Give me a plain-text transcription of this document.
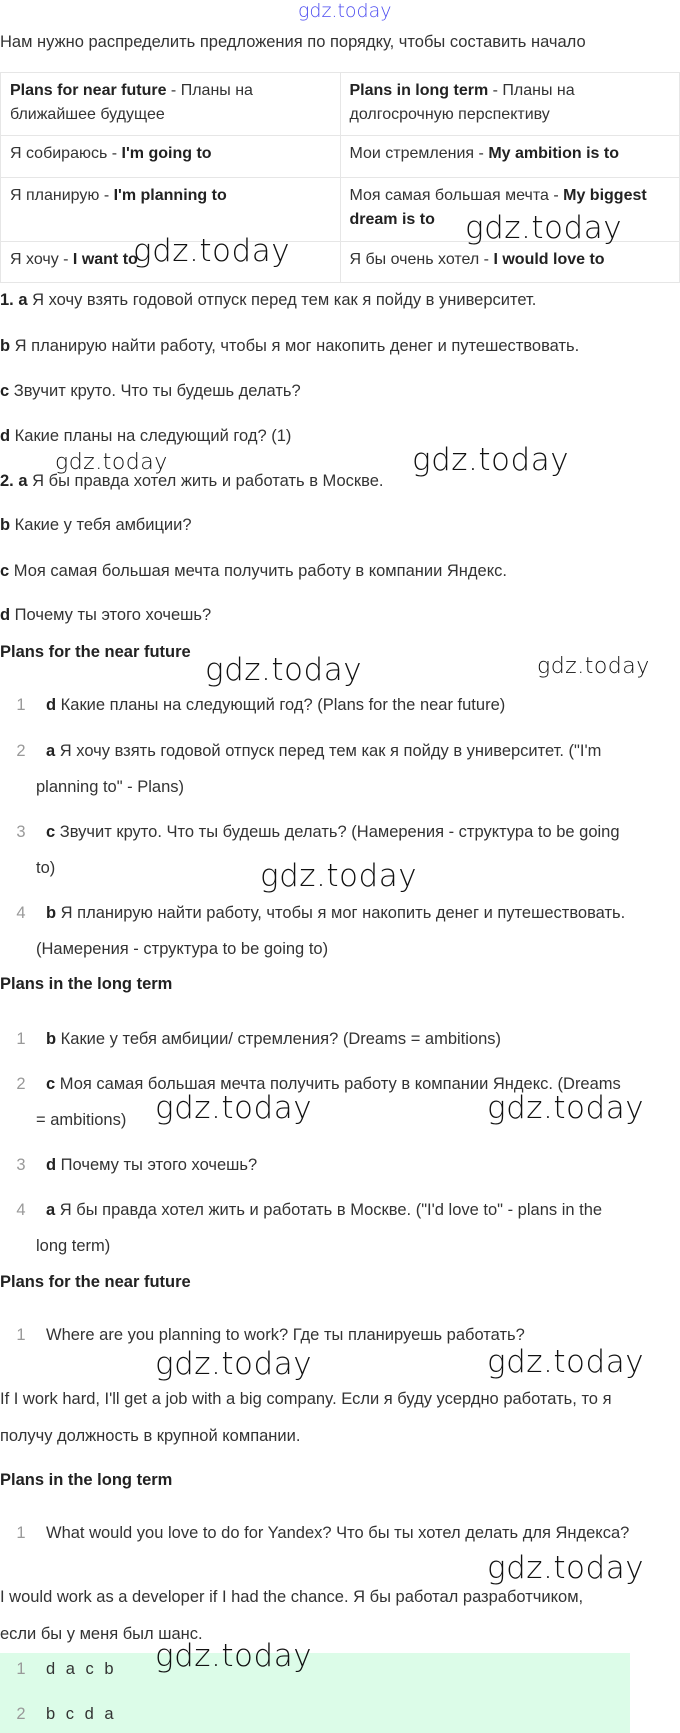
gdz.today
Нам нужно распределить предложения по порядку, чтобы составить начало
Plans for near future - Планы на ближайшее будущее	Plans in long term - Планы на долгосрочную перспективу
Я собираюсь - I'm going to	Мои стремления - My ambition is to
Я планирую - I'm planning to	Моя самая большая мечта - My biggest dream is to
Я хочу - I want to	Я бы очень хотел - I would love to
1. a Я хочу взять годовой отпуск перед тем как я пойду в университет.
b Я планирую найти работу, чтобы я мог накопить денег и путешествовать.
c Звучит круто. Что ты будешь делать?
d Какие планы на следующий год? (1)
2. a Я бы правда хотел жить и работать в Москве.
b Какие у тебя амбиции?
c Моя самая большая мечта получить работу в компании Яндекс.
d Почему ты этого хочешь?
Plans for the near future
1 d Какие планы на следующий год? (Plans for the near future)
2 a Я хочу взять годовой отпуск перед тем как я пойду в университет. ("I'm
planning to" - Plans)
3 c Звучит круто. Что ты будешь делать? (Намерения - структура to be going
to)
4 b Я планирую найти работу, чтобы я мог накопить денег и путешествовать.
(Намерения - структура to be going to)
Plans in the long term
1 b Какие у тебя амбиции/ стремления? (Dreams = ambitions)
2 c Моя самая большая мечта получить работу в компании Яндекс. (Dreams
= ambitions)
3 d Почему ты этого хочешь?
4 a Я бы правда хотел жить и работать в Москве. ("I'd love to" - plans in the
long term)
Plans for the near future
1 Where are you planning to work? Где ты планируешь работать?
If I work hard, I'll get a job with a big company. Если я буду усердно работать, то я
получу должность в крупной компании.
Plans in the long term
1 What would you love to do for Yandex? Что бы ты хотел делать для Яндекса?
I would work as a developer if I had the chance. Я бы работал разработчиком,
если бы у меня был шанс.
1 d a c b
2 b c d a
gdz.today
gdz.today
gdz.today	gdz.today
gdz.today	gdz.today
gdz.today
gdz.today	gdz.today
gdz.today	gdz.today
gdz.today
gdz.today
